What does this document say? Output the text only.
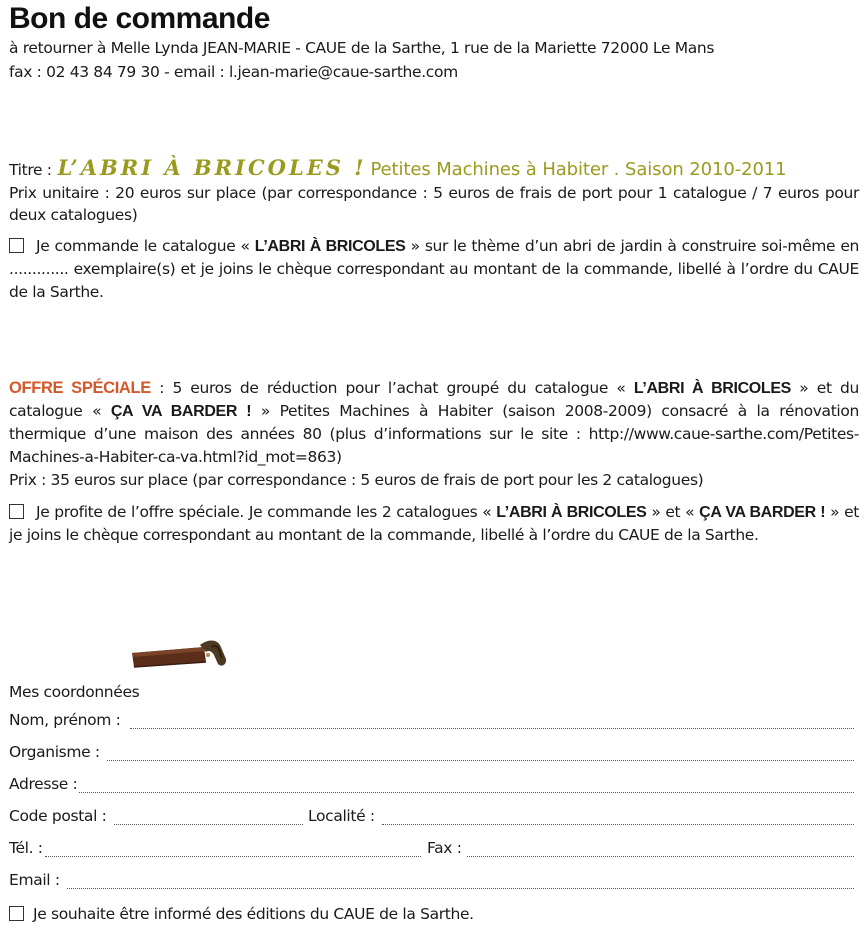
Bon de commande
à retourner à Melle Lynda JEAN-MARIE - CAUE de la Sarthe, 1 rue de la Mariette 72000 Le Mans
fax : 02 43 84 79 30 - email : l.jean-marie@caue-sarthe.com
Titre : L’ABRI À BRICOLES ! Petites Machines à Habiter . Saison 2010-2011
Prix unitaire : 20 euros sur place (par correspondance : 5 euros de frais de port pour 1 catalogue / 7 euros pour deux catalogues)
Je commande le catalogue « L’ABRI À BRICOLES » sur le thème d’un abri de jardin à construire soi-même en ............. exemplaire(s) et je joins le chèque correspondant au montant de la commande, libellé à l’ordre du CAUE de la Sarthe.
OFFRE SPÉCIALE : 5 euros de réduction pour l’achat groupé du catalogue « L’ABRI À BRICOLES » et du catalogue « ÇA VA BARDER ! » Petites Machines à Habiter (saison 2008-2009) consacré à la rénovation thermique d’une maison des années 80 (plus d’informations sur le site : http://www.caue-sarthe.com/Petites-Machines-a-Habiter-ca-va.html?id_mot=863)
Prix : 35 euros sur place (par correspondance : 5 euros de frais de port pour les 2 catalogues)
Je profite de l’offre spéciale. Je commande les 2 catalogues « L’ABRI À BRICOLES » et « ÇA VA BARDER ! » et je joins le chèque correspondant au montant de la commande, libellé à l’ordre du CAUE de la Sarthe.
Mes coordonnées
Nom, prénom :
Organisme :
Adresse :
Code postal :	Localité :
Tél. :	Fax :
Email :
Je souhaite être informé des éditions du CAUE de la Sarthe.
